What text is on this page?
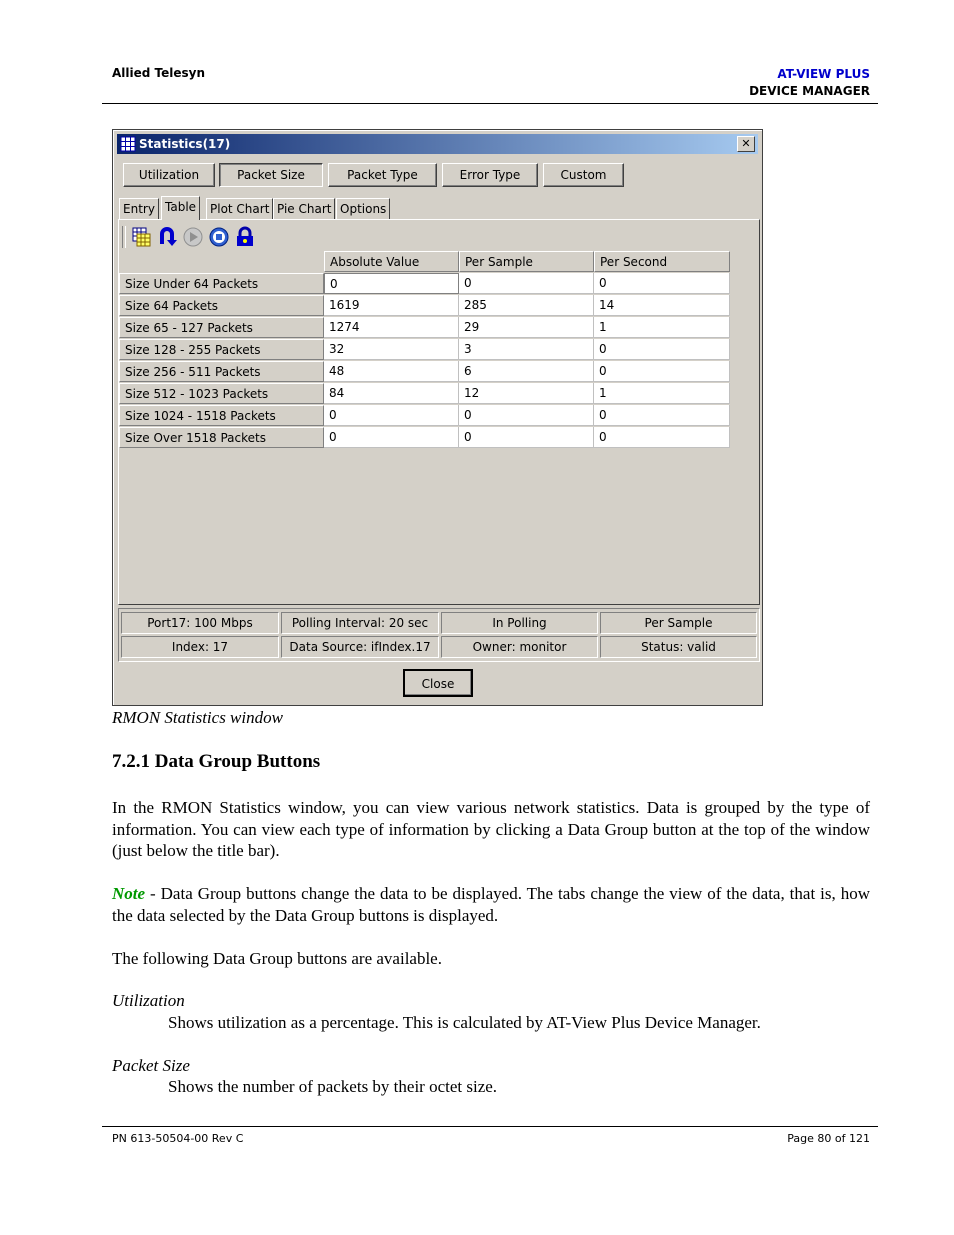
Allied Telesyn	AT-VIEW PLUS
DEVICE MANAGER
Statistics(17)	✕
Utilization	Packet Size	Packet Type	Error Type	Custom
Entry Table	Plot Chart Pie Chart Options
Absolute Value	Per Sample	Per Second
Size Under 64 Packets	0	0	0
Size 64 Packets	1619	285	14
Size 65 - 127 Packets	1274	29	1
Size 128 - 255 Packets	32	3	0
Size 256 - 511 Packets	48	6	0
Size 512 - 1023 Packets	84	12	1
Size 1024 - 1518 Packets	0	0	0
Size Over 1518 Packets	0	0	0
Port17: 100 Mbps	Polling Interval: 20 sec	In Polling	Per Sample
Index: 17	Data Source: ifIndex.17	Owner: monitor	Status: valid
Close
RMON Statistics window
7.2.1 Data Group Buttons
In the RMON Statistics window, you can view various network statistics. Data is grouped by the type of information. You can view each type of information by clicking a Data Group button at the top of the window (just below the title bar).
Note - Data Group buttons change the data to be displayed. The tabs change the view of the data, that is, how the data selected by the Data Group buttons is displayed.
The following Data Group buttons are available.
Utilization
Shows utilization as a percentage. This is calculated by AT-View Plus Device Manager.
Packet Size
Shows the number of packets by their octet size.
PN 613-50504-00 Rev C	Page 80 of 121
